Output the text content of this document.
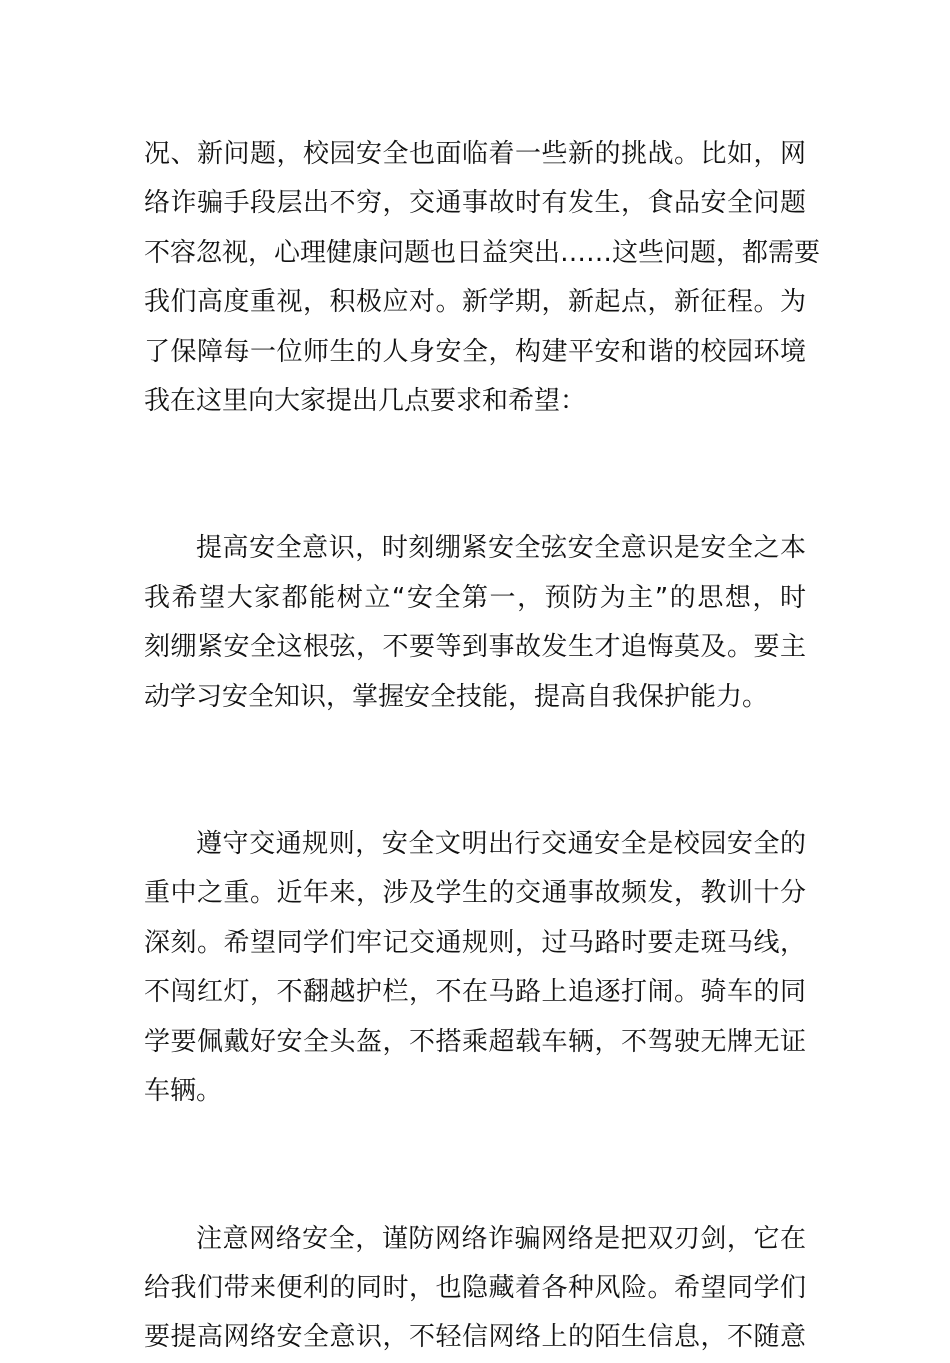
况、新问题，校园安全也面临着一些新的挑战。比如，网
络诈骗手段层出不穷，交通事故时有发生，食品安全问题
不容忽视，心理健康问题也日益突出……这些问题，都需要
我们高度重视，积极应对。新学期，新起点，新征程。为
了保障每一位师生的人身安全，构建平安和谐的校园环境
我在这里向大家提出几点要求和希望：
提高安全意识，时刻绷紧安全弦安全意识是安全之本
我希望大家都能树立“安全第一，预防为主”的思想，时
刻绷紧安全这根弦，不要等到事故发生才追悔莫及。要主
动学习安全知识，掌握安全技能，提高自我保护能力。
遵守交通规则，安全文明出行交通安全是校园安全的
重中之重。近年来，涉及学生的交通事故频发，教训十分
深刻。希望同学们牢记交通规则，过马路时要走斑马线，
不闯红灯，不翻越护栏，不在马路上追逐打闹。骑车的同
学要佩戴好安全头盔，不搭乘超载车辆，不驾驶无牌无证
车辆。
注意网络安全，谨防网络诈骗网络是把双刃剑，它在
给我们带来便利的同时，也隐藏着各种风险。希望同学们
要提高网络安全意识，不轻信网络上的陌生信息，不随意
